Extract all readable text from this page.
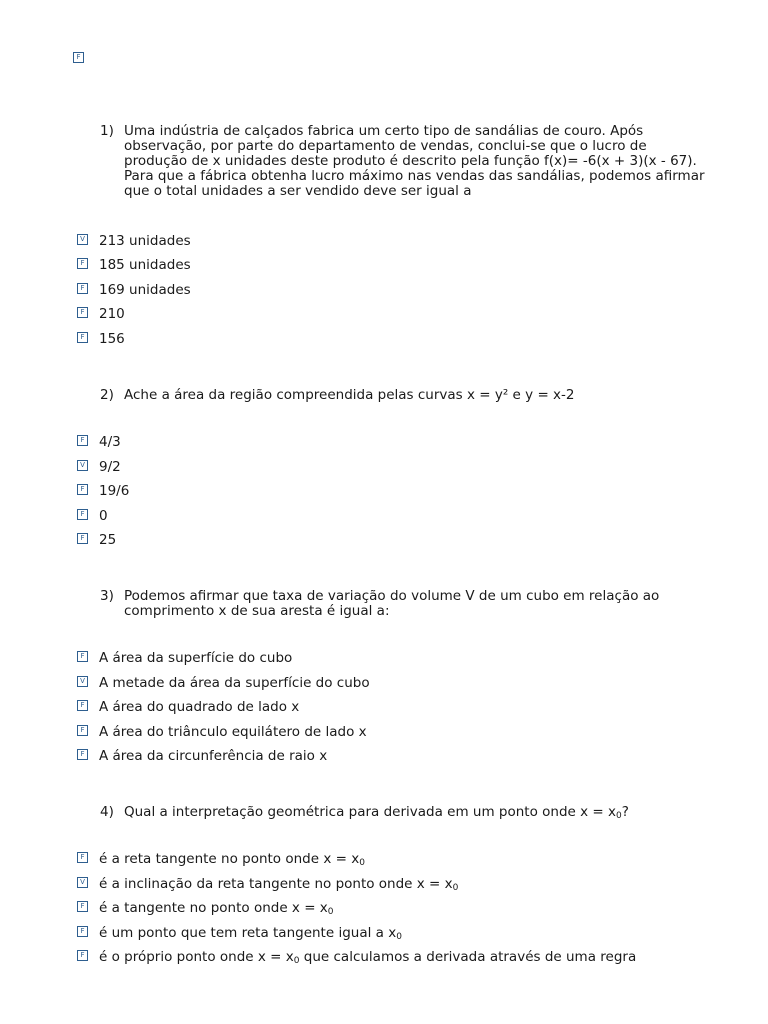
F
1) Uma indústria de calçados fabrica um certo tipo de sandálias de couro. Após observação, por parte do departamento de vendas, conclui-se que o lucro de produção de x unidades deste produto é descrito pela função f(x)= -6(x + 3)(x - 67). Para que a fábrica obtenha lucro máximo nas vendas das sandálias, podemos afirmar que o total unidades a ser vendido deve ser igual a
V 213 unidades
F 185 unidades
F 169 unidades
F 210
F 156
2) Ache a área da região compreendida pelas curvas x = y² e y = x-2
F 4/3
V 9/2
F 19/6
F 0
F 25
3) Podemos afirmar que taxa de variação do volume V de um cubo em relação ao comprimento x de sua aresta é igual a:
F A área da superfície do cubo
V A metade da área da superfície do cubo
F A área do quadrado de lado x
F A área do triânculo equilátero de lado x
F A área da circunferência de raio x
4) Qual a interpretação geométrica para derivada em um ponto onde $x = x_0$?
F é a reta tangente no ponto onde $x = x_0$
V é a inclinação da reta tangente no ponto onde $x = x_0$
F é a tangente no ponto onde $x = x_0$
F é um ponto que tem reta tangente igual a $x_0$
F é o próprio ponto onde $x = x_0$ que calculamos a derivada através de uma regra
